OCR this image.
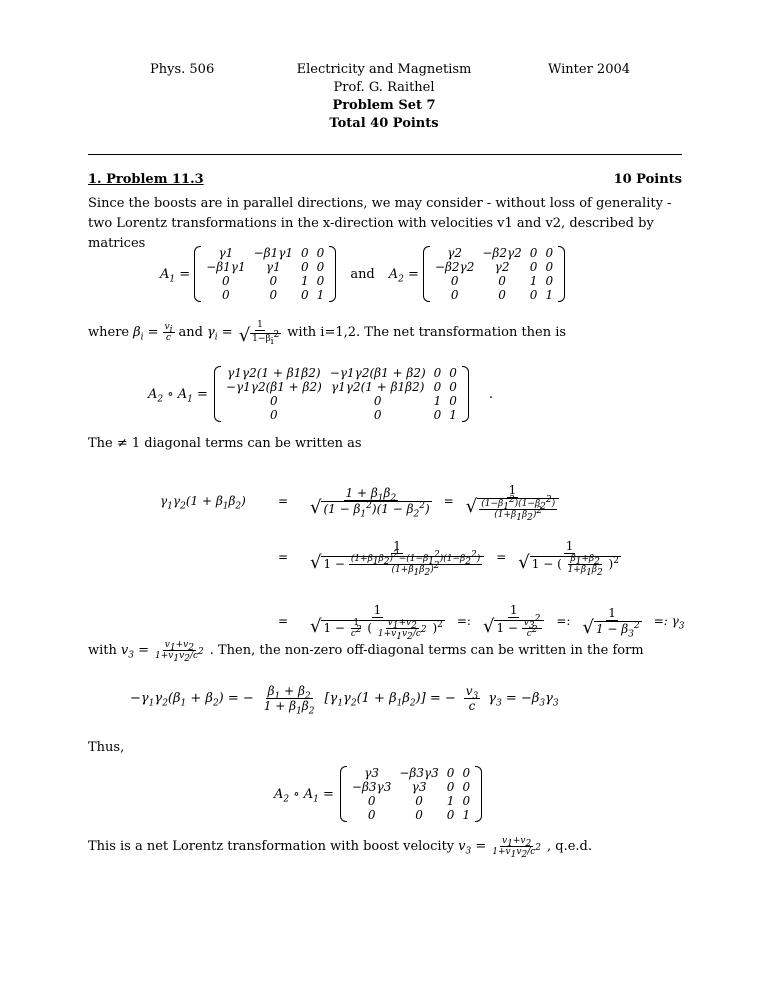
Phys. 506	Electricity and Magnetism
Prof. G. Raithel
Problem Set 7
Total 40 Points
Winter 2004
1. Problem 11.3	10 Points
Since the boosts are in parallel directions, we may consider - without loss of generality - two Lorentz transformations in the x-direction with velocities v1 and v2, described by matrices
$A_1$ =
γ1	−β1γ1	0	0
−β1γ1	γ1	0	0
0	0	1	0
0	0	0	1
and $A_2$ =
γ2	−β2γ2	0	0
−β2γ2	γ2	0	0
0	0	1	0
0	0	0	1
where $\beta_i = \frac{v_i}{c}$ and $\gamma_i = 1$
√ $1-\beta_i^2$ with i=1,2. The net transformation then is
$A_2$ ∘ $A_1$ =
γ1γ2(1 + β1β2)	−γ1γ2(β1 + β2)	0	0
−γ1γ2(β1 + β2)	γ1γ2(1 + β1β2)	0	0
0	0	1	0
0	0	0	1
.
The ≠ 1 diagonal terms can be written as
$\gamma_1\gamma_2(1 + \beta_1\beta_2)$	=	$1 + \beta_1\beta_2$
√ $(1 - \beta_1^2)(1 - \beta_2^2) = 1$
√
$\frac{(1-\beta_1^2)(1-\beta_2^2)}{(1+\beta_1\beta_2)^2}$
=	1
√ $1 - \frac{(1+\beta_1\beta_2)^2-(1-\beta_1^2)(1-\beta_2^2)}{(1+\beta_1\beta_2)^2} = 1$
√ 1 − ( $\frac{\beta_1+\beta_2}{1+\beta_1\beta_2} )^2$
=	1
√ $1 - \frac{1}{c^2}$ ( $\frac{v_1+v_2}{1+v_1v_2/c^2} )^2$ =: 1
√ $1 - \frac{v_3^2}{c^2}$ =: 1
√ $1 - \beta_3^2$ =: $\gamma_3$
with $v_3 = \frac{v_1+v_2}{1+v_1v_2/c^2}$ . Then, the non-zero off-diagonal terms can be written in the form
$-\gamma_1\gamma_2(\beta_1 + \beta_2)$ = − $\frac{\beta_1 + \beta_2}{1 + \beta_1\beta_2} [\gamma_1\gamma_2(1 + \beta_1\beta_2)]$ = − $\frac{v_3}{c} \gamma_3 = -\beta_3\gamma_3$
Thus,
$A_2$ ∘ $A_1$ =
γ3	−β3γ3	0	0
−β3γ3	γ3	0	0
0	0	1	0
0	0	0	1
This is a net Lorentz transformation with boost velocity $v_3 = \frac{v_1+v_2}{1+v_1v_2/c^2}$ , q.e.d.
